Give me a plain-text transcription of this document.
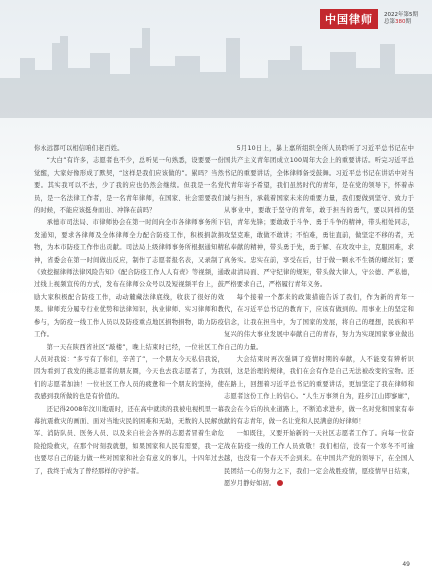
中国律师	2022年第5期
总第380期

你永远都可以相信咱们老百姓。

“大白”有许多，志愿者也不少，总听见一句熟悉，设要要一份觉醒，大家好像形成了默契，“这样是我们应该做的”。累吗？当然要。其实我可以不去，少了我的应也仍然会继续。但我是一名党员，是一名法律工作者，是一名青年律师，在国家、社会需要我们的时候，不能应该挺身而出、冲锋在前吗？

承德市司法局、市律师协会在第一时间向全市各律师事务所下发通知，要求各律师及全体律师全力配合防疫工作，积极捐款捐物，为本市防疫工作作出贡献。司法局上级律师事务所根据通知精神，省委会在第一时间做出反应，制作了志愿者报名表，又录制了《致挖掘律师法律风险告知》《配合防疫工作人人有责》等视频，通过线上视频宣传的方式，发布在律师公众号以及短视频平台上，鼓励大家积极配合防疫工作，动动麓藏法律底线，收获了很好的效果。律师充分履专行业优势和法律知识，执业律师、实习律师和教参与，为防疫一线工作人员以及防疫重点地区捐物捐物，助力防疫工作。

第一天在陕西省社区“敲楼”，晚上结束时已经，一位社区工作人员对我说：“多亏有了你们，辛苦了”，一个朋友今天私信我说，因为看到了我发的挑志愿者的朋友圈，今天也去我志愿者了，为我们的志愿者加油！一位社区工作人员的疲惫和一个朋友的坚持，使我感到我所做的也是有价值的。

还记得2008年汶川地震时，还在高中就读的我被电视机里一幕幕抗震救灾的画面、面对当地灾民的困难和无助，无数的人民解放军、消防队员、医务人员、以及来自社会各界的志愿者冒着生命危险抢险救灾，在那个时刻我就想，如果国家和人民有需要，我一定也要尽自己的能力做一些对国家和社会有意义的事儿，十四年过去了，我终于成为了曾经那样的守护者。

5月10日上，暴上嘉所组织全所人员聆听了习近平总书记在中国共产主义青年团成立100周年大会上的重要讲话。听完习近平总书记的重要讲话，全体律师备受鼓舞。习近平总书记在讲话中对当代青年寄予希望，我们虽然时代的青年，是在党的领导下，怀着赤诚与担当，承载着国家未来的重要力量，我们要做到坚守、致力于从事业中，要敢于坚守的青年，敢于担当的勇气，要以同样的坚信，青年先锋；要敢敢于斗争、勇于斗争的精神，带头相处同志，攻坚克难，敢做不敢讲；不怕难，勇往直前，做坚定不移的者，无私奉献的精神，带头勇于先，勇于解、在攻攻中主，克服困难，求真务实。忠实在前，享受在后，甘于做一颗永不生锈的螺丝钉；要敢肃清局面、严守纪律的规矩，带头做大律人，守公德、严私德，严格要求自己，严格履行青年义务。

每个接着一个都来的政策措施告诉了我们，作为新的青年一代，在习近平总书记的教育下，应该有做到的。用事业上的坚定和信念，让我在担当中，为了国家的发展，将自己的理想，民族和平复兴的伟大事业发展中奉献自己的青春，努力为实现国家事业做出自己的力量。

大会结束时再次强调了疫情时期的奉献，人不能变有辨析识别，这是治理的规律，我们在会有作是自己无法被改变的宝物。还在路上，回想着习近平总书记的重要讲话，更加坚定了我在律师和志愿者这份工作上的信心。“人生万事须自为，跬步江山即寥廓”，我会在今后的执业道路上，不断追求进步，做一名对党和国家有奉献的有志青年，做一名让党和人民满意的好律师！

一如既往，又要开始新的一天社区志愿者工作了。向每一位奋战在防疫一线的工作人员致敬！我们相信，没有一个寒冬不可逾越，也没有一个春天不会到来。在中国共产党的领导下，在全国人民团结一心的努力之下，我们一定会战胜疫情，愿疫情早日结束，愿岁月静好如初。

49
